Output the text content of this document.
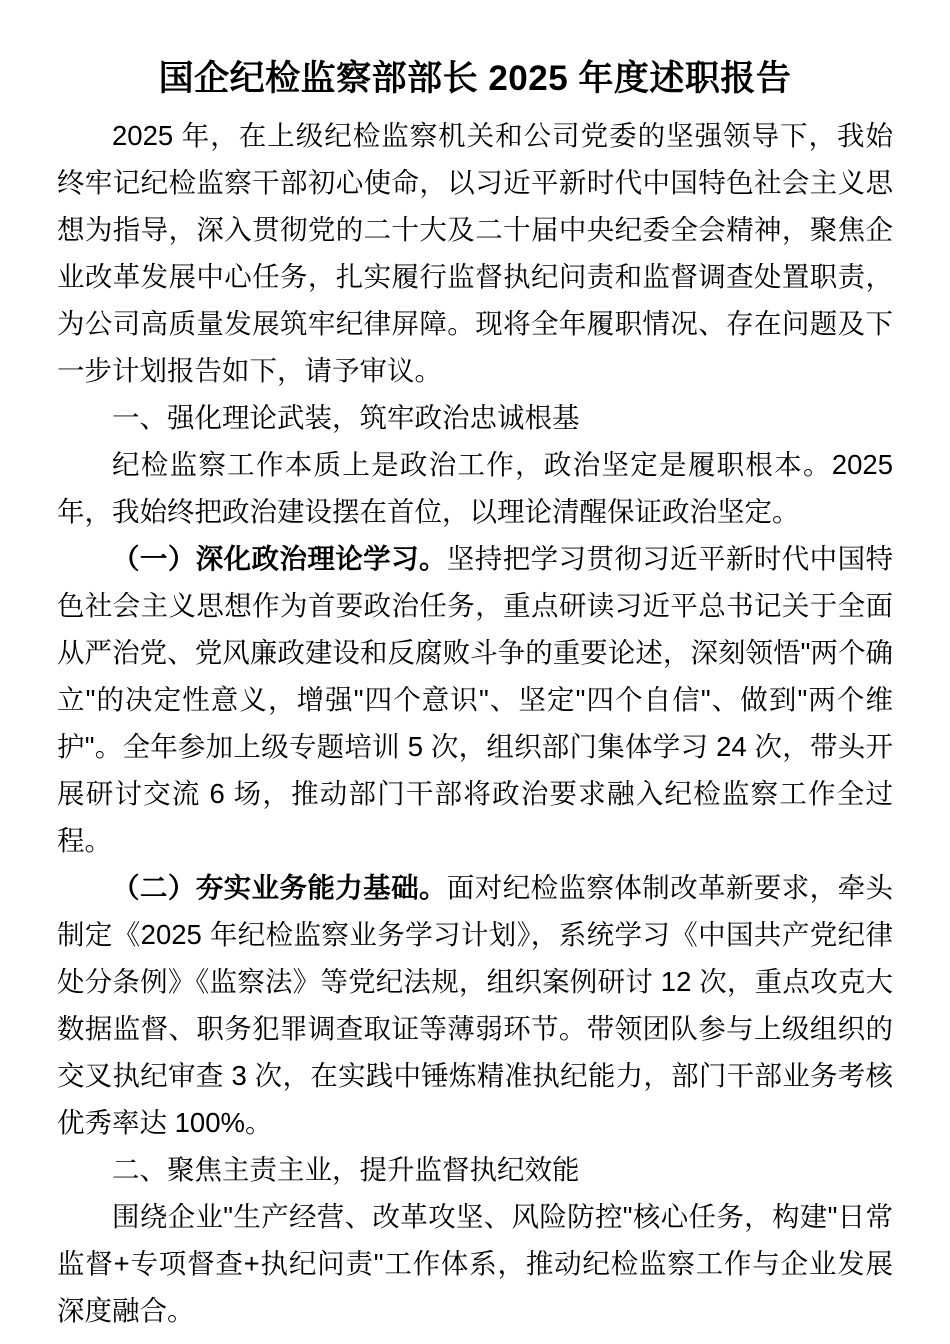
国企纪检监察部部长 2025 年度述职报告

2025 年，在上级纪检监察机关和公司党委的坚强领导下，我始终牢记纪检监察干部初心使命，以习近平新时代中国特色社会主义思想为指导，深入贯彻党的二十大及二十届中央纪委全会精神，聚焦企业改革发展中心任务，扎实履行监督执纪问责和监督调查处置职责，为公司高质量发展筑牢纪律屏障。现将全年履职情况、存在问题及下一步计划报告如下，请予审议。

一、强化理论武装，筑牢政治忠诚根基

纪检监察工作本质上是政治工作，政治坚定是履职根本。2025 年，我始终把政治建设摆在首位，以理论清醒保证政治坚定。

（一）深化政治理论学习。坚持把学习贯彻习近平新时代中国特色社会主义思想作为首要政治任务，重点研读习近平总书记关于全面从严治党、党风廉政建设和反腐败斗争的重要论述，深刻领悟"两个确立"的决定性意义，增强"四个意识"、坚定"四个自信"、做到"两个维护"。全年参加上级专题培训 5 次，组织部门集体学习 24 次，带头开展研讨交流 6 场，推动部门干部将政治要求融入纪检监察工作全过程。

（二）夯实业务能力基础。面对纪检监察体制改革新要求，牵头制定《2025 年纪检监察业务学习计划》，系统学习《中国共产党纪律处分条例》《监察法》等党纪法规，组织案例研讨 12 次，重点攻克大数据监督、职务犯罪调查取证等薄弱环节。带领团队参与上级组织的交叉执纪审查 3 次，在实践中锤炼精准执纪能力，部门干部业务考核优秀率达 100%。

二、聚焦主责主业，提升监督执纪效能

围绕企业"生产经营、改革攻坚、风险防控"核心任务，构建"日常监督+专项督查+执纪问责"工作体系，推动纪检监察工作与企业发展深度融合。
